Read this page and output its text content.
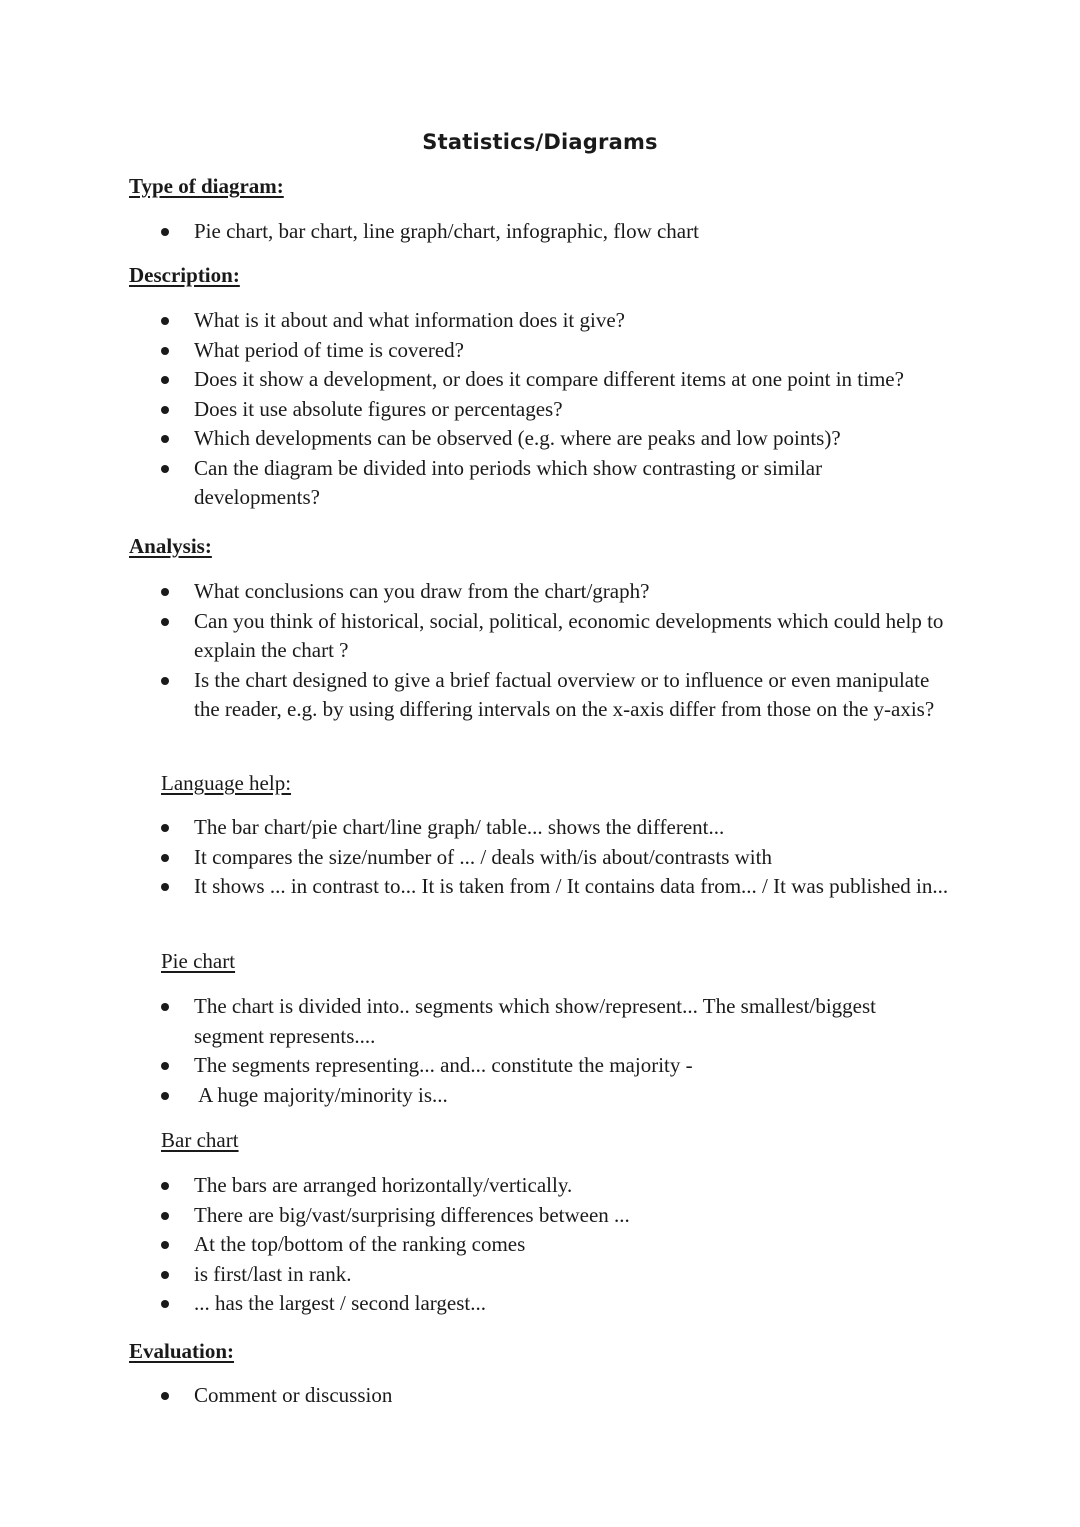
Statistics/Diagrams
Type of diagram:
Pie chart, bar chart, line graph/chart, infographic, flow chart
Description:
What is it about and what information does it give?
What period of time is covered?
Does it show a development, or does it compare different items at one point in time?
Does it use absolute figures or percentages?
Which developments can be observed (e.g. where are peaks and low points)?
Can the diagram be divided into periods which show contrasting or similar developments?
Analysis:
What conclusions can you draw from the chart/graph?
Can you think of historical, social, political, economic developments which could help to explain the chart ?
Is the chart designed to give a brief factual overview or to influence or even manipulate the reader, e.g. by using differing intervals on the x-axis differ from those on the y-axis?
Language help:
The bar chart/pie chart/line graph/ table... shows the different...
It compares the size/number of ... / deals with/is about/contrasts with
It shows ... in contrast to... It is taken from / It contains data from... / It was published in...
Pie chart
The chart is divided into.. segments which show/represent... The smallest/biggest segment represents....
The segments representing... and... constitute the majority -
A huge majority/minority is...
Bar chart
The bars are arranged horizontally/vertically.
There are big/vast/surprising differences between ...
At the top/bottom of the ranking comes
is first/last in rank.
... has the largest / second largest...
Evaluation:
Comment or discussion
